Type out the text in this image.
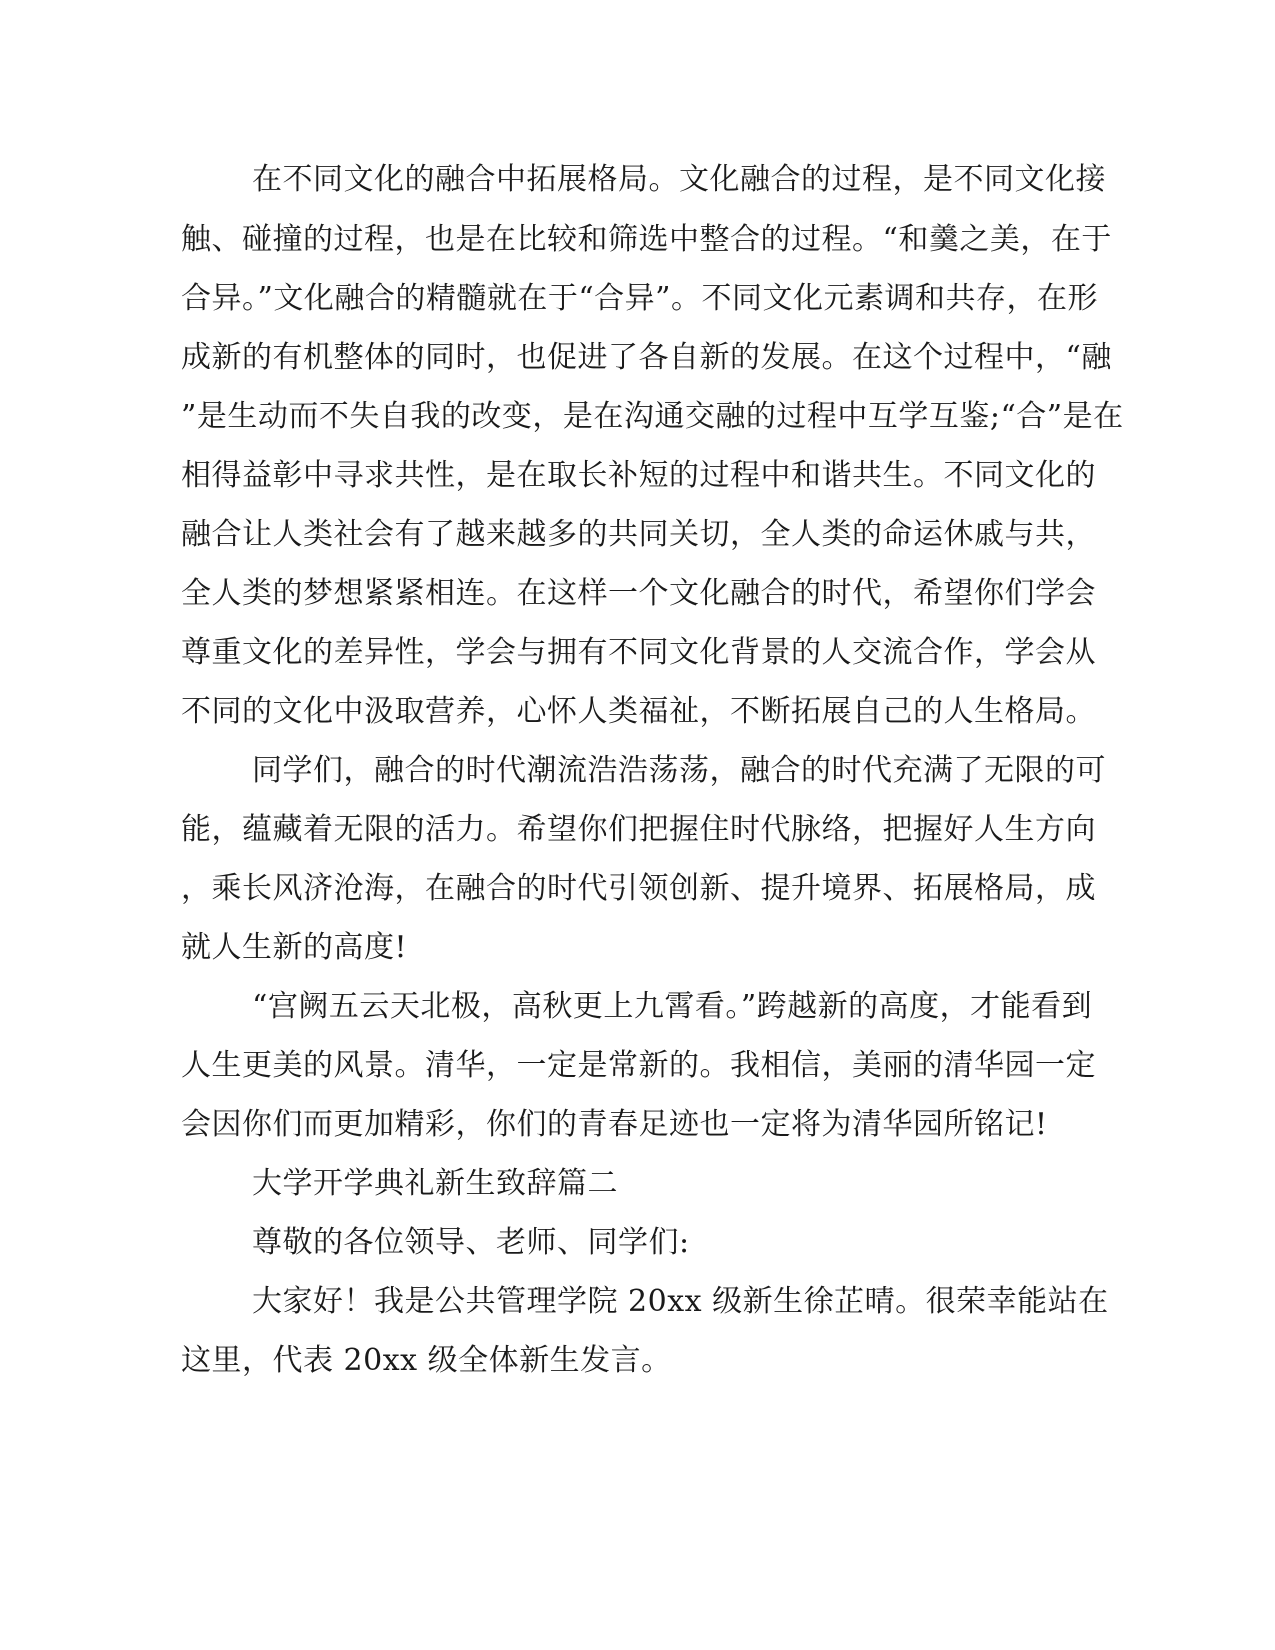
在不同文化的融合中拓展格局。文化融合的过程，是不同文化接

触、碰撞的过程，也是在比较和筛选中整合的过程。“和羹之美，在于

合异。”文化融合的精髓就在于“合异”。不同文化元素调和共存，在形

成新的有机整体的同时，也促进了各自新的发展。在这个过程中，“融

”是生动而不失自我的改变，是在沟通交融的过程中互学互鉴;“合”是在

相得益彰中寻求共性，是在取长补短的过程中和谐共生。不同文化的

融合让人类社会有了越来越多的共同关切，全人类的命运休戚与共，

全人类的梦想紧紧相连。在这样一个文化融合的时代，希望你们学会

尊重文化的差异性，学会与拥有不同文化背景的人交流合作，学会从

不同的文化中汲取营养，心怀人类福祉，不断拓展自己的人生格局。

同学们，融合的时代潮流浩浩荡荡，融合的时代充满了无限的可

能，蕴藏着无限的活力。希望你们把握住时代脉络，把握好人生方向

，乘长风济沧海，在融合的时代引领创新、提升境界、拓展格局，成

就人生新的高度!

“宫阙五云天北极，高秋更上九霄看。”跨越新的高度，才能看到

人生更美的风景。清华，一定是常新的。我相信，美丽的清华园一定

会因你们而更加精彩，你们的青春足迹也一定将为清华园所铭记!

大学开学典礼新生致辞篇二

尊敬的各位领导、老师、同学们:

大家好！我是公共管理学院 20xx 级新生徐芷晴。很荣幸能站在

这里，代表 20xx 级全体新生发言。
